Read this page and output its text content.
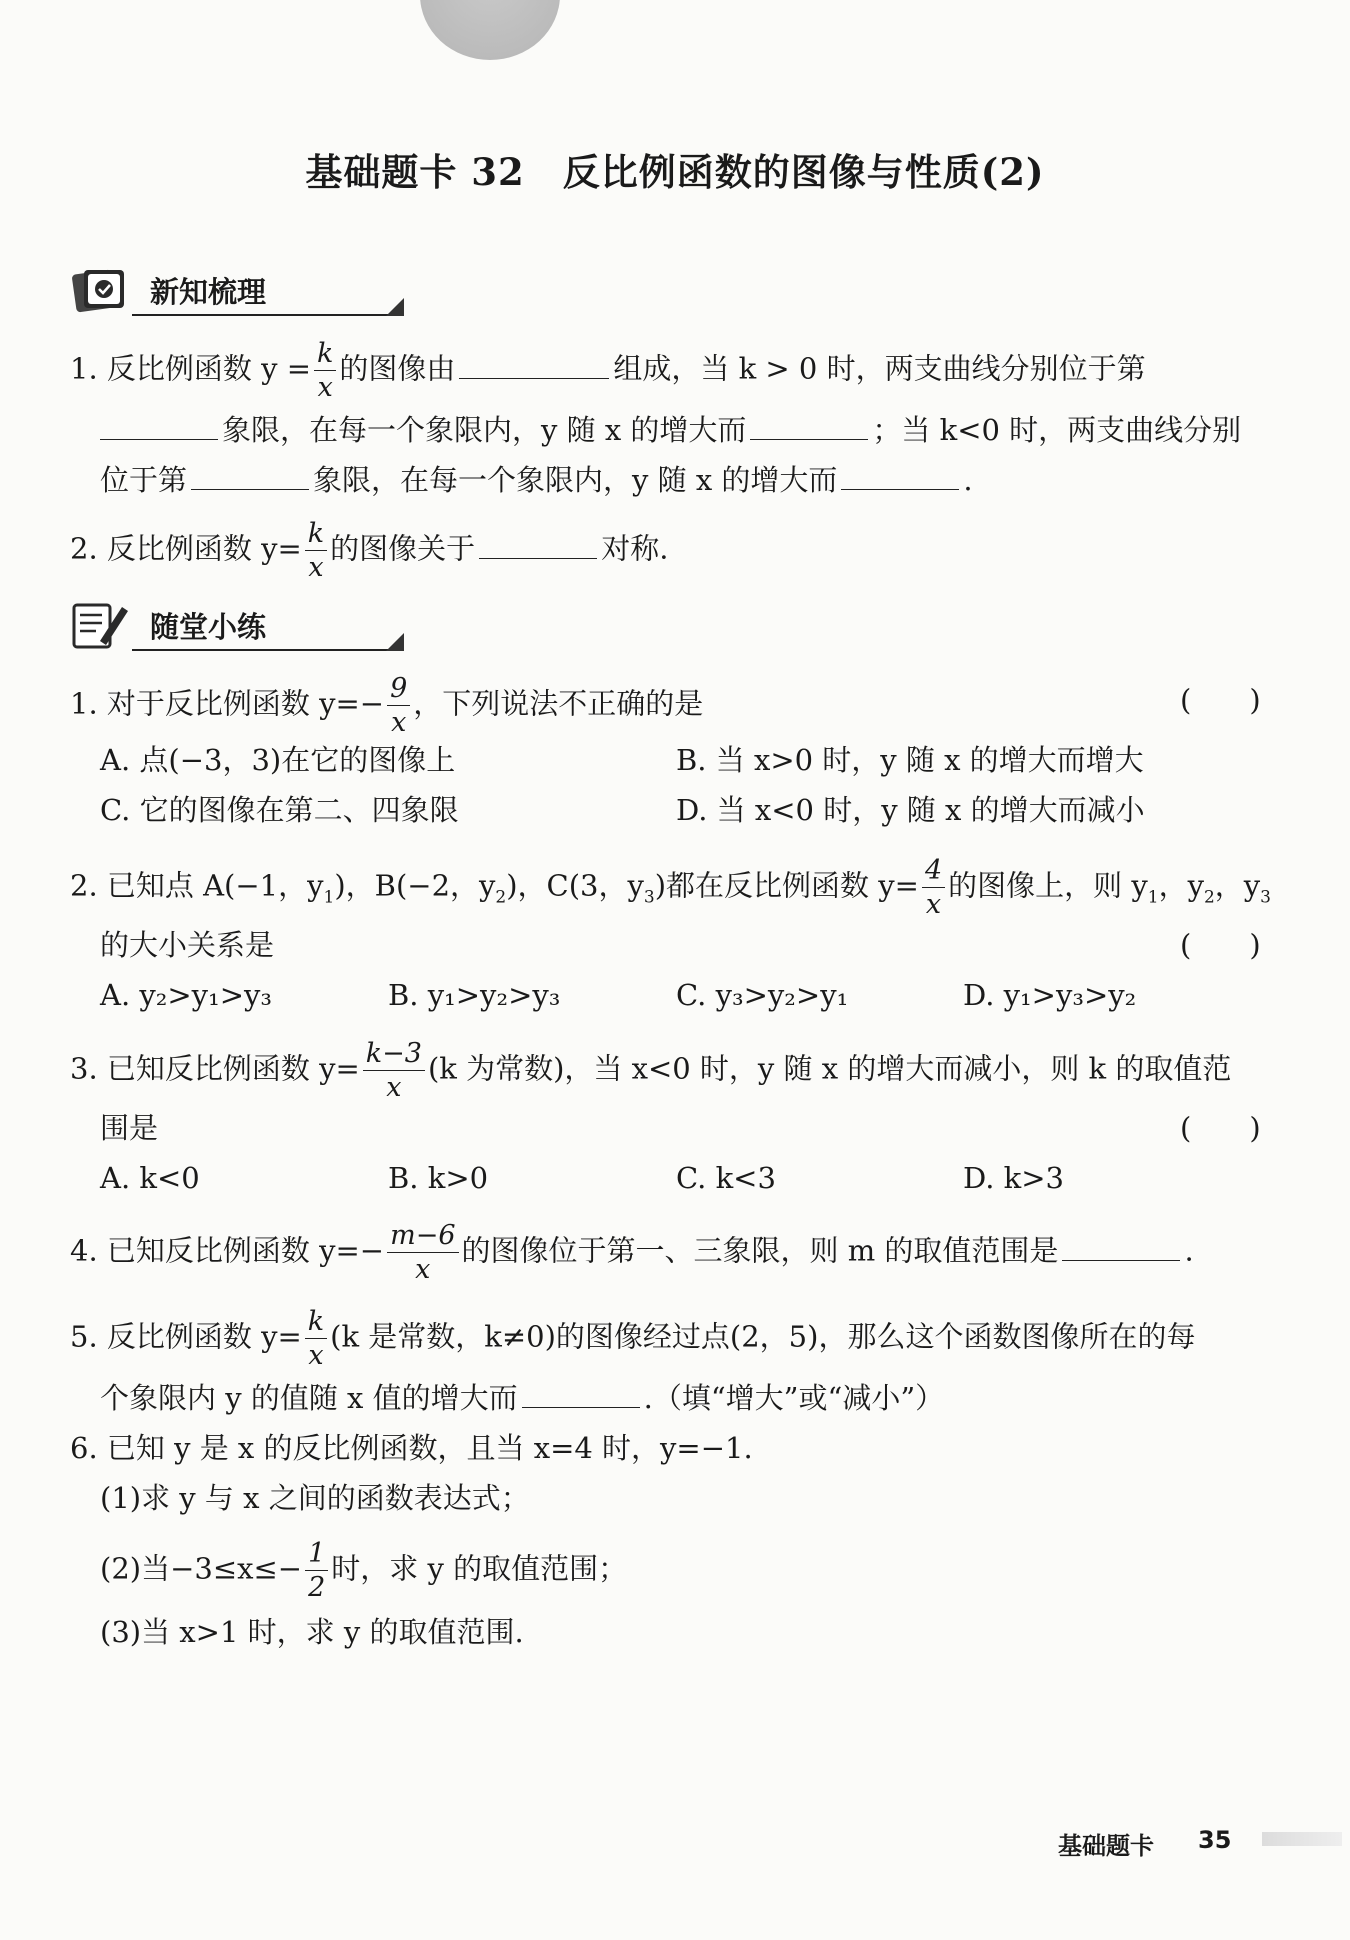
基础题卡 32　反比例函数的图像与性质(2)
新知梳理
1. 反比例函数 $y = \frac{k}{x}$ 的图像由	组成，当 k > 0 时，两支曲线分别位于第
象限，在每一个象限内，y 随 x 的增大而	；当 k<0 时，两支曲线分别
位于第	象限，在每一个象限内，y 随 x 的增大而	.
2. 反比例函数 $y= \frac{k}{x}$ 的图像关于	对称.
随堂小练
1. 对于反比例函数 $y=- \frac{9}{x}$ ，下列说法不正确的是	(　　)
A. 点(−3，3)在它的图像上	B. 当 x>0 时，y 随 x 的增大而增大
C. 它的图像在第二、四象限	D. 当 x<0 时，y 随 x 的增大而减小
2. 已知点 A(−1，$y_1$)，B(−2，$y_2$)，C(3，$y_3$)都在反比例函数 $y= \frac{4}{x}$ 的图像上，则 $y_1$，$y_2$，$y_3$
的大小关系是	(　　)
A. y₂>y₁>y₃	B. y₁>y₂>y₃	C. y₃>y₂>y₁	D. y₁>y₃>y₂
3. 已知反比例函数 $y= \frac{k-3}{x} (k$ 为常数)，当 x<0 时，y 随 x 的增大而减小，则 k 的取值范
围是	(　　)
A. k<0	B. k>0	C. k<3	D. k>3
4. 已知反比例函数 $y=- \frac{m-6}{x}$ 的图像位于第一、三象限，则 m 的取值范围是	.
5. 反比例函数 $y= \frac{k}{x} (k$ 是常数，k≠0)的图像经过点(2，5)，那么这个函数图像所在的每
个象限内 y 的值随 x 值的增大而	.（填“增大”或“减小”）
6. 已知 y 是 x 的反比例函数，且当 x=4 时，y=−1.
(1)求 y 与 x 之间的函数表达式；
(2)当$-3\le x\le- \frac{1}{2}$ 时，求 y 的取值范围；
(3)当 x>1 时，求 y 的取值范围.
基础题卡 35
